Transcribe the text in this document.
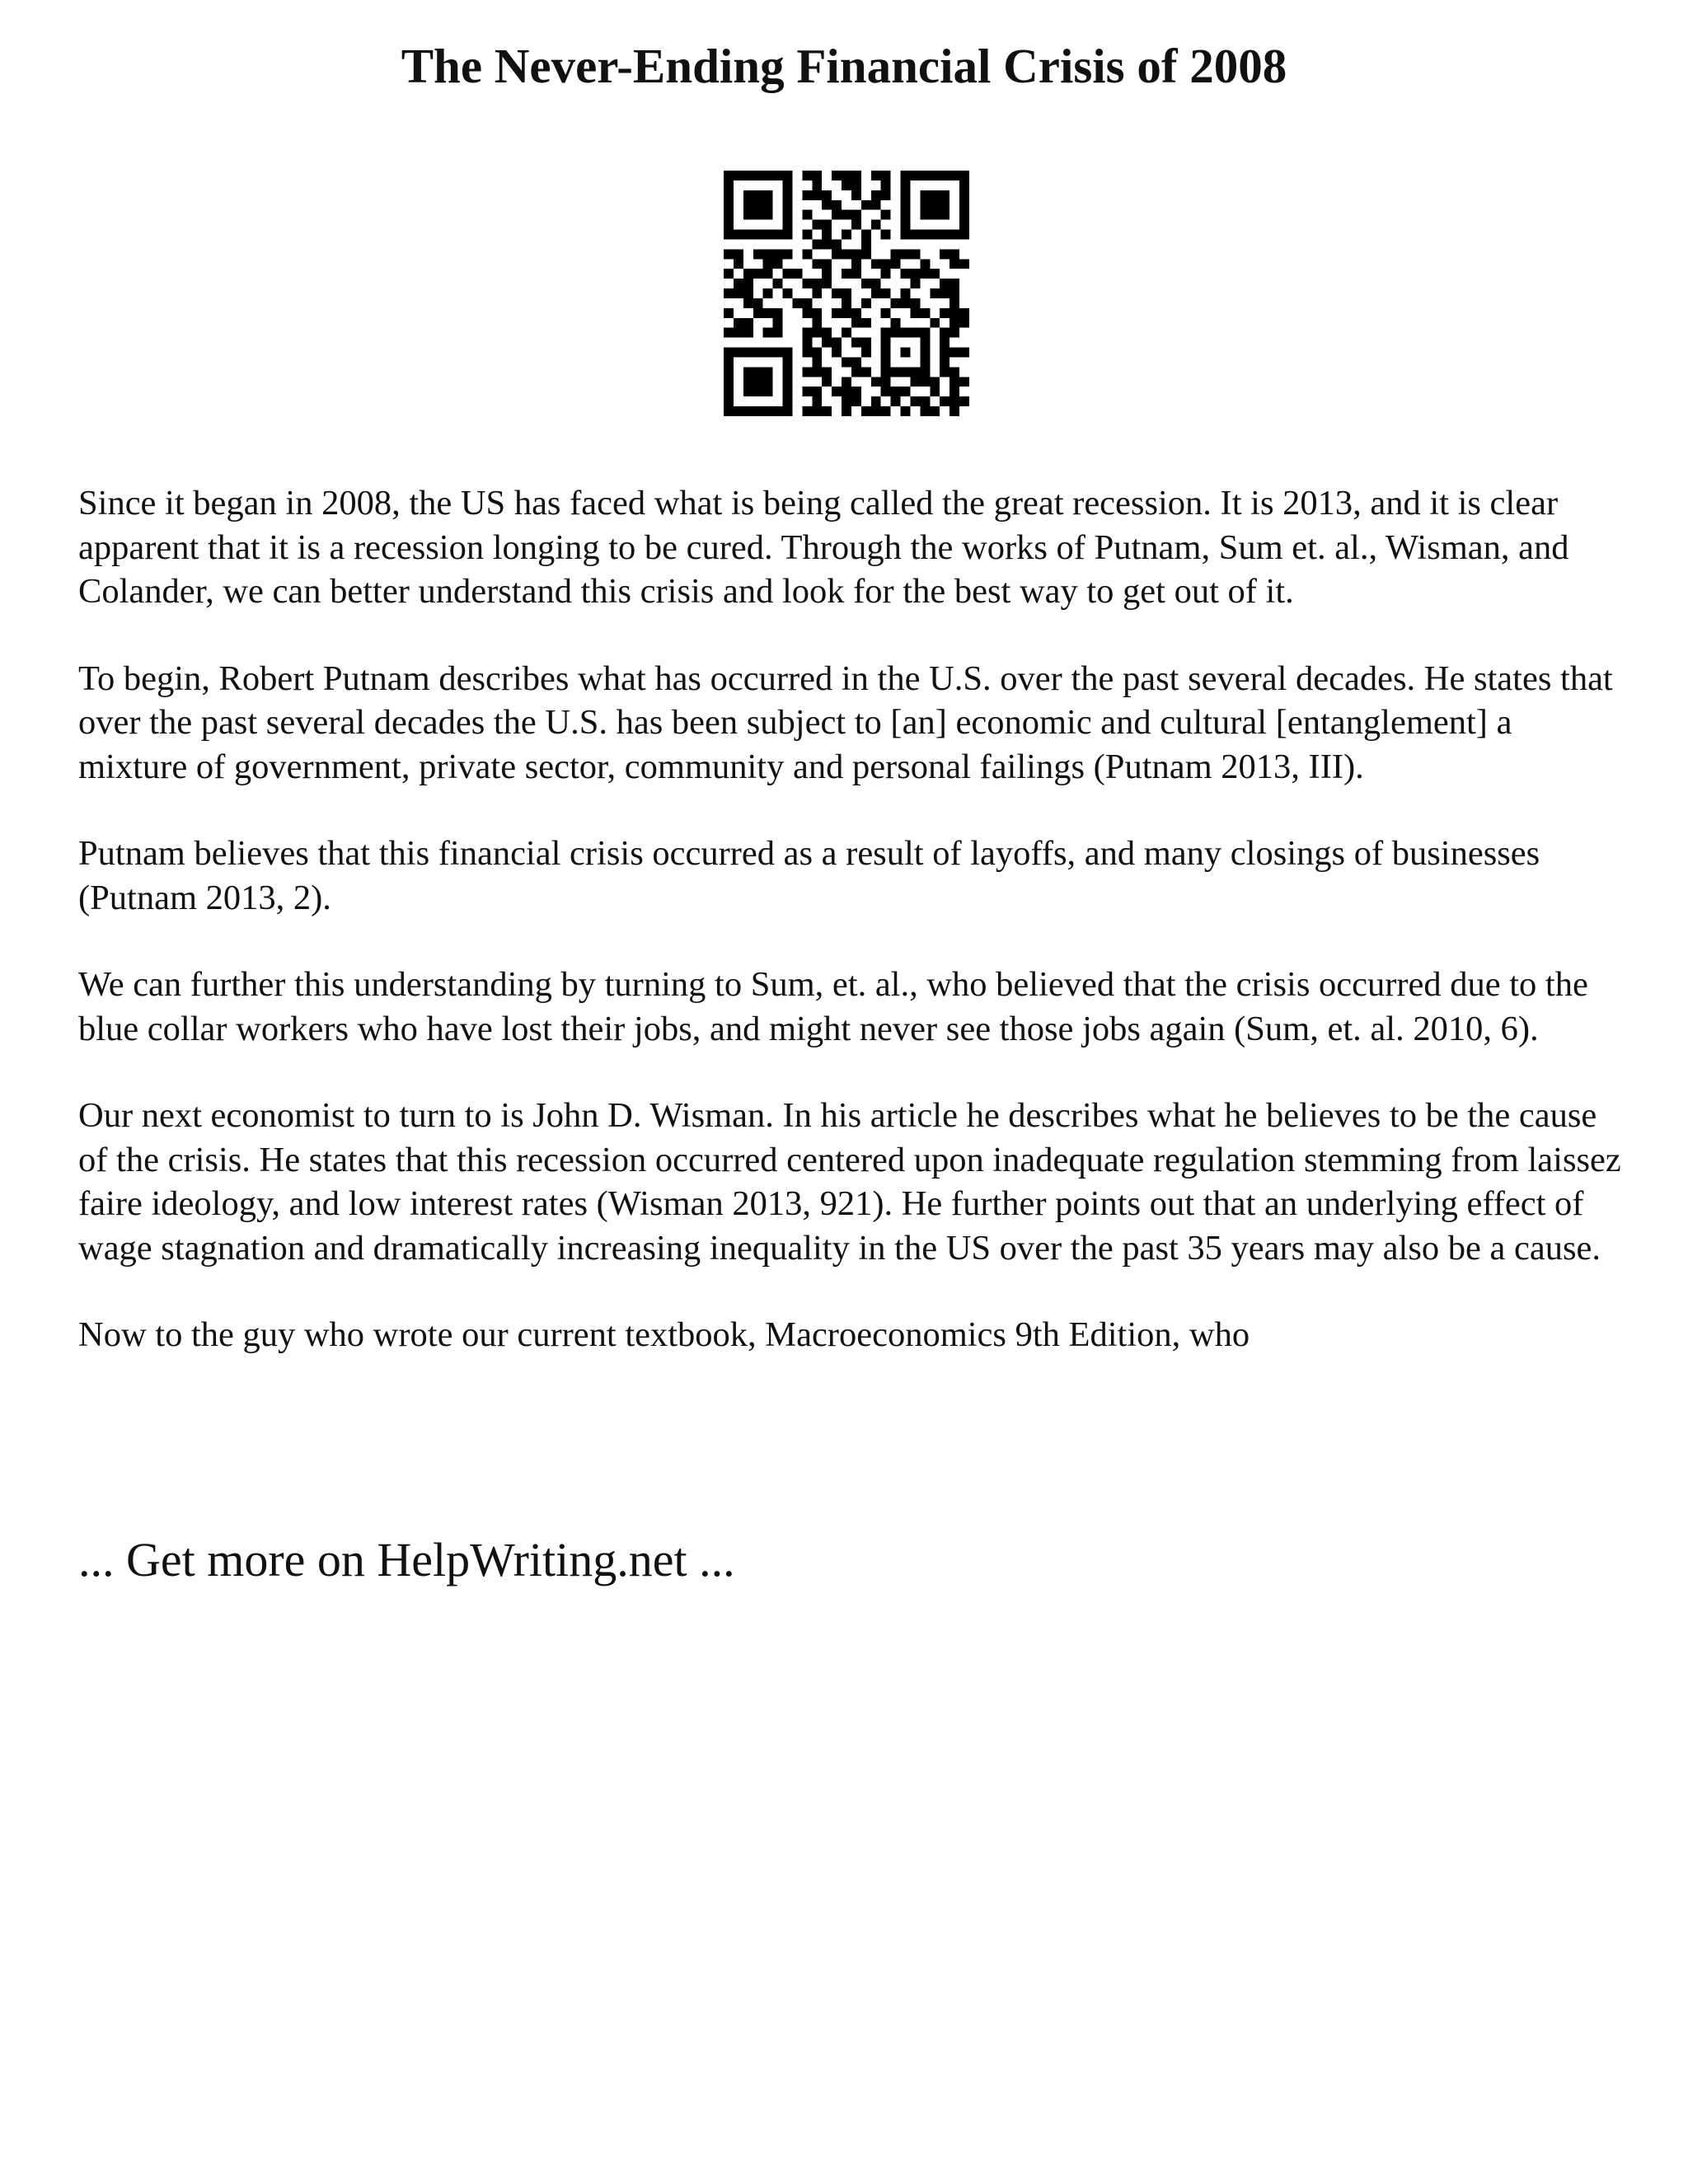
The Never-Ending Financial Crisis of 2008

Since it began in 2008, the US has faced what is being called the great recession. It is 2013, and it is clear apparent that it is a recession longing to be cured. Through the works of Putnam, Sum et. al., Wisman, and Colander, we can better understand this crisis and look for the best way to get out of it.

To begin, Robert Putnam describes what has occurred in the U.S. over the past several decades. He states that over the past several decades the U.S. has been subject to [an] economic and cultural [entanglement] a mixture of government, private sector, community and personal failings (Putnam 2013, III).

Putnam believes that this financial crisis occurred as a result of layoffs, and many closings of businesses (Putnam 2013, 2).

We can further this understanding by turning to Sum, et. al., who believed that the crisis occurred due to the blue collar workers who have lost their jobs, and might never see those jobs again (Sum, et. al. 2010, 6).

Our next economist to turn to is John D. Wisman. In his article he describes what he believes to be the cause of the crisis. He states that this recession occurred centered upon inadequate regulation stemming from laissez faire ideology, and low interest rates (Wisman 2013, 921). He further points out that an underlying effect of wage stagnation and dramatically increasing inequality in the US over the past 35 years may also be a cause.

Now to the guy who wrote our current textbook, Macroeconomics 9th Edition, who

... Get more on HelpWriting.net ...
